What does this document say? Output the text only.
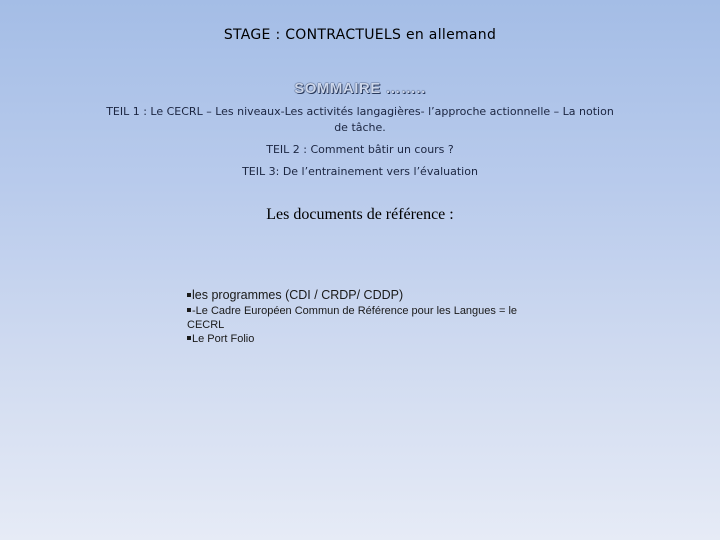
STAGE : CONTRACTUELS en allemand
SOMMAIRE ……..

TEIL 1 : Le CECRL – Les niveaux-Les activités langagières- l’approche actionnelle – La notion de tâche.

TEIL 2 : Comment bâtir un cours ?

TEIL 3: De l’entrainement vers l’évaluation

Les documents de référence :
les programmes (CDI / CRDP/ CDDP)
-Le Cadre Européen Commun de Référence pour les Langues = le CECRL
Le Port Folio
